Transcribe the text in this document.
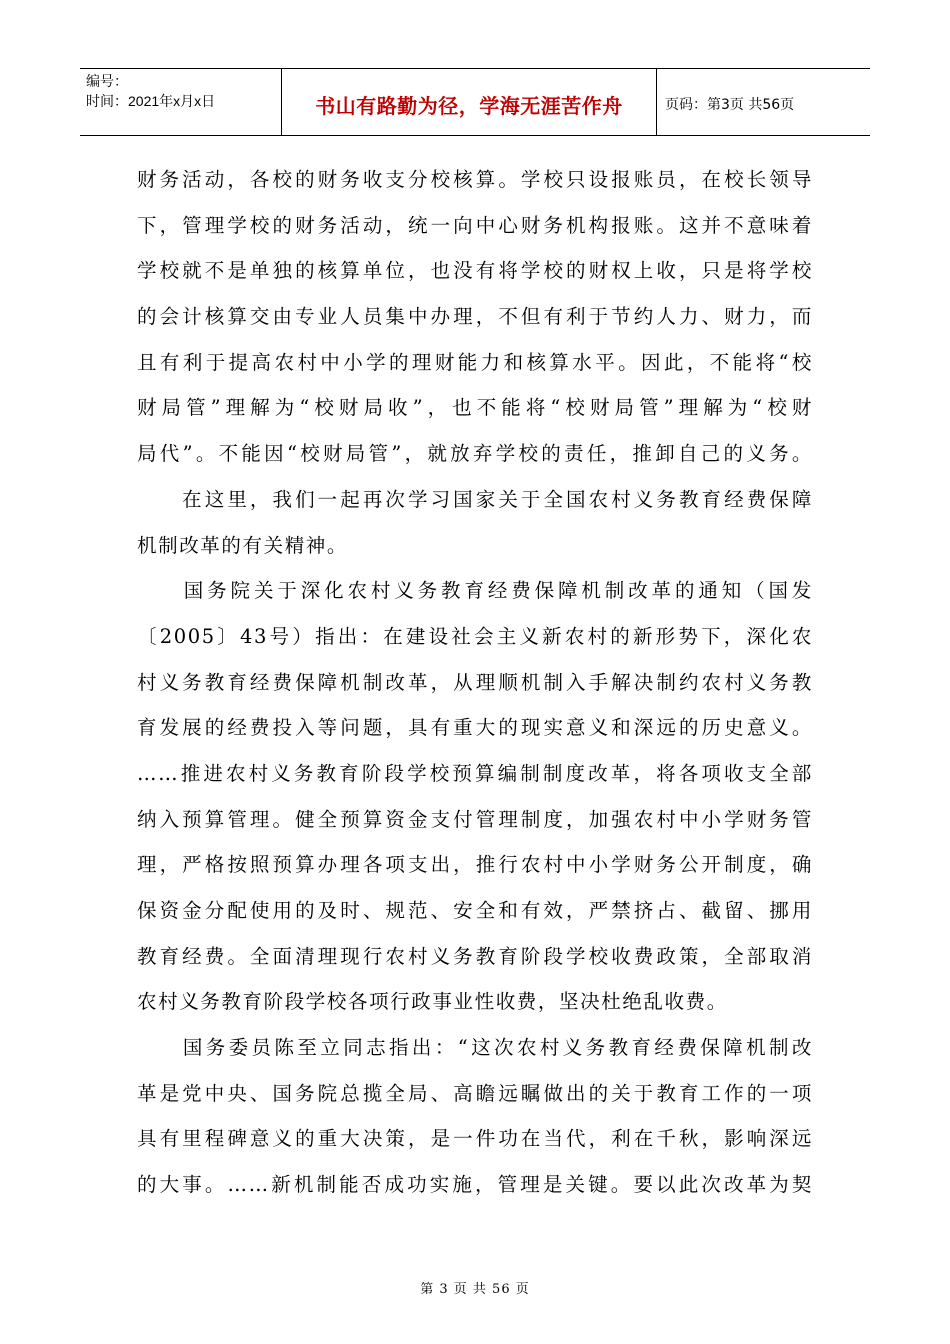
编号：
时间：2021年x月x日	书山有路勤为径，学海无涯苦作舟	页码：第3页 共56页
财务活动，各校的财务收支分校核算。学校只设报账员，在校长领导
下，管理学校的财务活动，统一向中心财务机构报账。这并不意味着
学校就不是单独的核算单位，也没有将学校的财权上收，只是将学校
的会计核算交由专业人员集中办理，不但有利于节约人力、财力，而
且有利于提高农村中小学的理财能力和核算水平。因此，不能将“校
财局管”理解为“校财局收”，也不能将“校财局管”理解为“校财
局代”。不能因“校财局管”，就放弃学校的责任，推卸自己的义务。
　　在这里，我们一起再次学习国家关于全国农村义务教育经费保障
机制改革的有关精神。
　　国务院关于深化农村义务教育经费保障机制改革的通知（国发
〔2005〕43号）指出：在建设社会主义新农村的新形势下，深化农
村义务教育经费保障机制改革，从理顺机制入手解决制约农村义务教
育发展的经费投入等问题，具有重大的现实意义和深远的历史意义。
……推进农村义务教育阶段学校预算编制制度改革，将各项收支全部
纳入预算管理。健全预算资金支付管理制度，加强农村中小学财务管
理，严格按照预算办理各项支出，推行农村中小学财务公开制度，确
保资金分配使用的及时、规范、安全和有效，严禁挤占、截留、挪用
教育经费。全面清理现行农村义务教育阶段学校收费政策，全部取消
农村义务教育阶段学校各项行政事业性收费，坚决杜绝乱收费。
　　国务委员陈至立同志指出：“这次农村义务教育经费保障机制改
革是党中央、国务院总揽全局、高瞻远瞩做出的关于教育工作的一项
具有里程碑意义的重大决策，是一件功在当代，利在千秋，影响深远
的大事。……新机制能否成功实施，管理是关键。要以此次改革为契
第 3 页 共 56 页
